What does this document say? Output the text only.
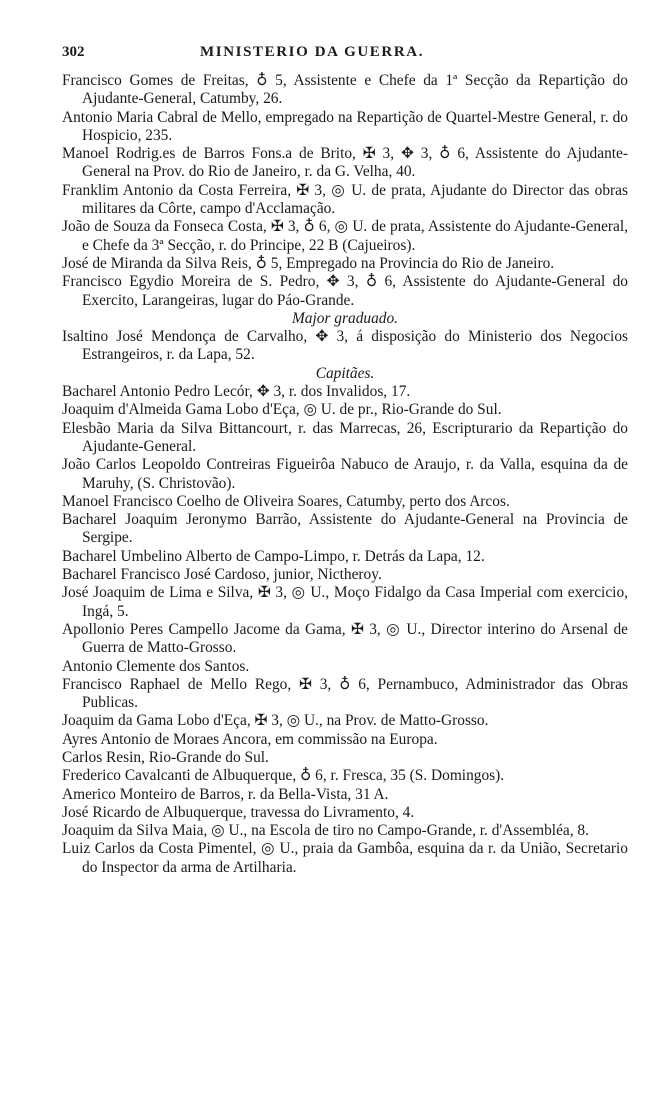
302	MINISTERIO DA GUERRA.

Francisco Gomes de Freitas, ♁ 5, Assistente e Chefe da 1ª Secção da Repartição do Ajudante-General, Catumby, 26.

Antonio Maria Cabral de Mello, empregado na Repartição de Quartel-Mestre General, r. do Hospicio, 235.

Manoel Rodrig.es de Barros Fons.a de Brito, ✠ 3, ✥ 3, ♁ 6, Assistente do Ajudante-General na Prov. do Rio de Janeiro, r. da G. Velha, 40.

Franklim Antonio da Costa Ferreira, ✠ 3, ◎ U. de prata, Ajudante do Director das obras militares da Côrte, campo d'Acclamação.

João de Souza da Fonseca Costa, ✠ 3, ♁ 6, ◎ U. de prata, Assistente do Ajudante-General, e Chefe da 3ª Secção, r. do Principe, 22 B (Cajueiros).

José de Miranda da Silva Reis, ♁ 5, Empregado na Provincia do Rio de Janeiro.

Francisco Egydio Moreira de S. Pedro, ✥ 3, ♁ 6, Assistente do Ajudante-General do Exercito, Larangeiras, lugar do Páo-Grande.

Major graduado.

Isaltino José Mendonça de Carvalho, ✥ 3, á disposição do Ministerio dos Negocios Estrangeiros, r. da Lapa, 52.

Capitães.

Bacharel Antonio Pedro Lecór, ✥ 3, r. dos Invalidos, 17.

Joaquim d'Almeida Gama Lobo d'Eça, ◎ U. de pr., Rio-Grande do Sul.

Elesbão Maria da Silva Bittancourt, r. das Marrecas, 26, Escripturario da Repartição do Ajudante-General.

João Carlos Leopoldo Contreiras Figueirôa Nabuco de Araujo, r. da Valla, esquina da de Maruhy, (S. Christovão).

Manoel Francisco Coelho de Oliveira Soares, Catumby, perto dos Arcos.

Bacharel Joaquim Jeronymo Barrão, Assistente do Ajudante-General na Provincia de Sergipe.

Bacharel Umbelino Alberto de Campo-Limpo, r. Detrás da Lapa, 12.

Bacharel Francisco José Cardoso, junior, Nictheroy.

José Joaquim de Lima e Silva, ✠ 3, ◎ U., Moço Fidalgo da Casa Imperial com exercicio, Ingá, 5.

Apollonio Peres Campello Jacome da Gama, ✠ 3, ◎ U., Director interino do Arsenal de Guerra de Matto-Grosso.

Antonio Clemente dos Santos.

Francisco Raphael de Mello Rego, ✠ 3, ♁ 6, Pernambuco, Administrador das Obras Publicas.

Joaquim da Gama Lobo d'Eça, ✠ 3, ◎ U., na Prov. de Matto-Grosso.

Ayres Antonio de Moraes Ancora, em commissão na Europa.

Carlos Resin, Rio-Grande do Sul.

Frederico Cavalcanti de Albuquerque, ♁ 6, r. Fresca, 35 (S. Domingos).

Americo Monteiro de Barros, r. da Bella-Vista, 31 A.

José Ricardo de Albuquerque, travessa do Livramento, 4.

Joaquim da Silva Maia, ◎ U., na Escola de tiro no Campo-Grande, r. d'Assembléa, 8.

Luiz Carlos da Costa Pimentel, ◎ U., praia da Gambôa, esquina da r. da União, Secretario do Inspector da arma de Artilharia.
